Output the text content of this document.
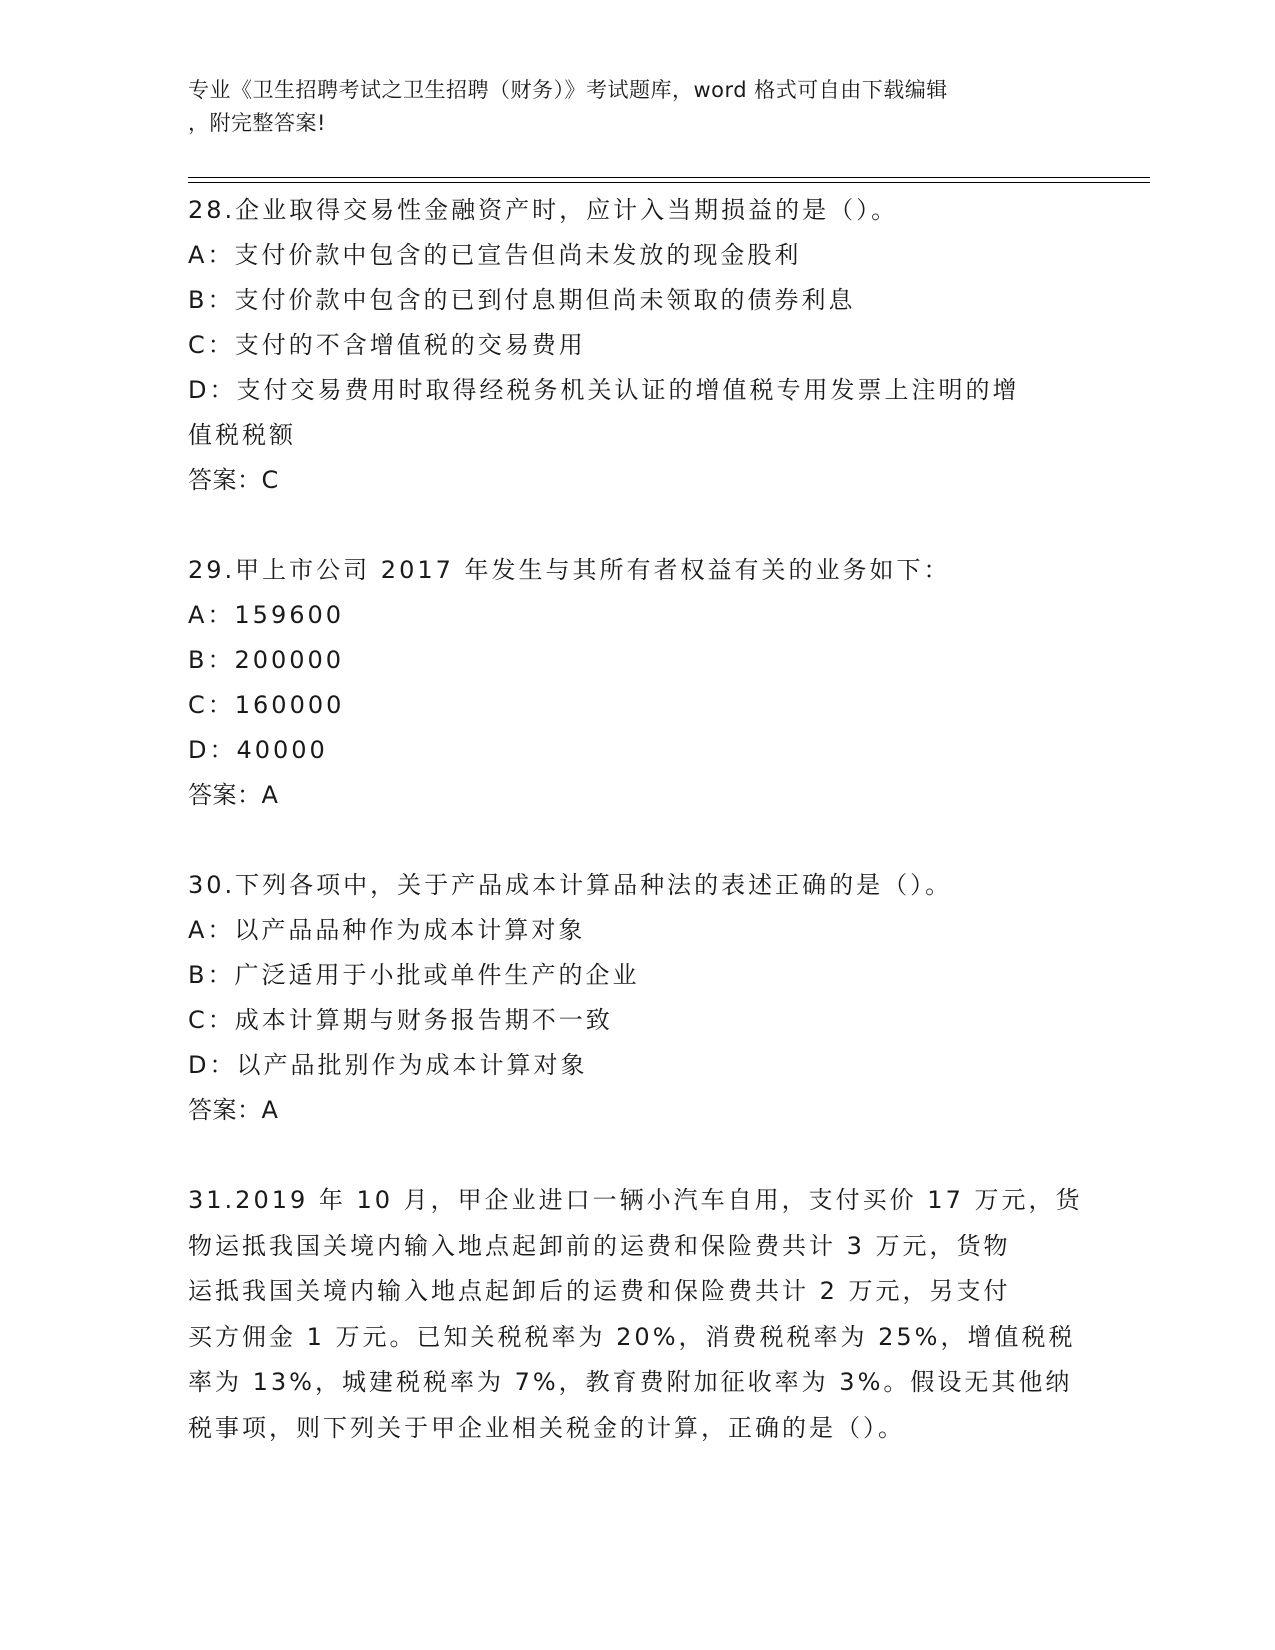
专业《卫生招聘考试之卫生招聘（财务）》考试题库，word 格式可自由下载编辑
，附完整答案!
28.企业取得交易性金融资产时，应计入当期损益的是（）。
A：支付价款中包含的已宣告但尚未发放的现金股利
B：支付价款中包含的已到付息期但尚未领取的债券利息
C：支付的不含增值税的交易费用
D：支付交易费用时取得经税务机关认证的增值税专用发票上注明的增
值税税额
答案：C
29.甲上市公司 2017 年发生与其所有者权益有关的业务如下：
A：159600
B：200000
C：160000
D：40000
答案：A
30.下列各项中，关于产品成本计算品种法的表述正确的是（）。
A：以产品品种作为成本计算对象
B：广泛适用于小批或单件生产的企业
C：成本计算期与财务报告期不一致
D：以产品批别作为成本计算对象
答案：A
31.2019 年 10 月，甲企业进口一辆小汽车自用，支付买价 17 万元，货
物运抵我国关境内输入地点起卸前的运费和保险费共计 3 万元，货物
运抵我国关境内输入地点起卸后的运费和保险费共计 2 万元，另支付
买方佣金 1 万元。已知关税税率为 20%，消费税税率为 25%，增值税税
率为 13%，城建税税率为 7%，教育费附加征收率为 3%。假设无其他纳
税事项，则下列关于甲企业相关税金的计算，正确的是（）。
